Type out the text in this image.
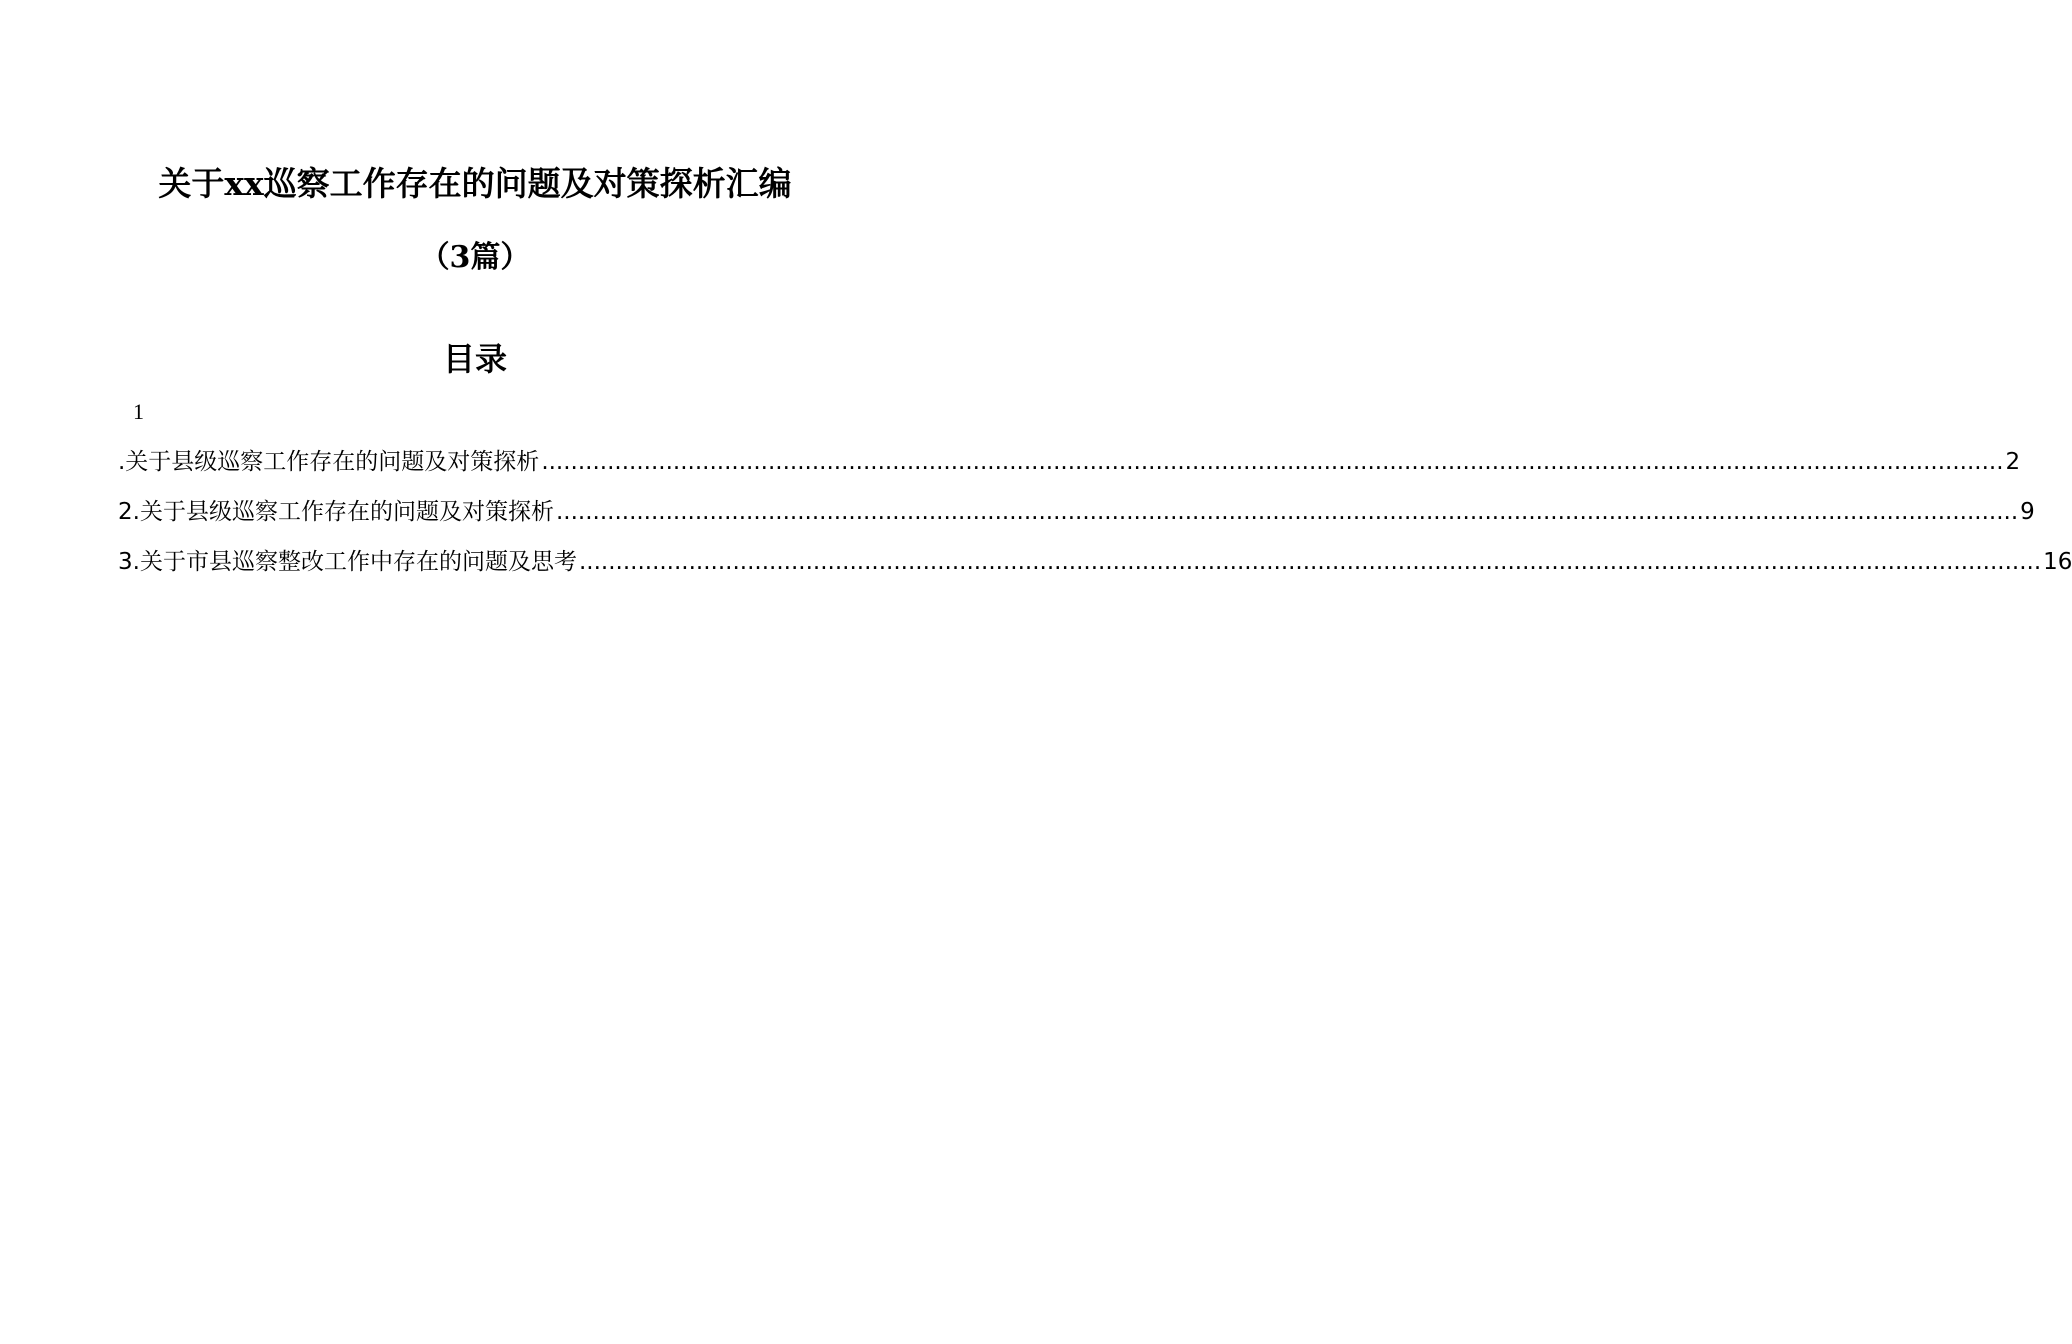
关于xx巡察工作存在的问题及对策探析汇编
（3篇）
目录
1
.关于县级巡察工作存在的问题及对策探析 ........................................................................................................................................................................................................ 2
2.关于县级巡察工作存在的问题及对策探析 ........................................................................................................................................................................................................ 9
3.关于市县巡察整改工作中存在的问题及思考 ........................................................................................................................................................................................................ 16
